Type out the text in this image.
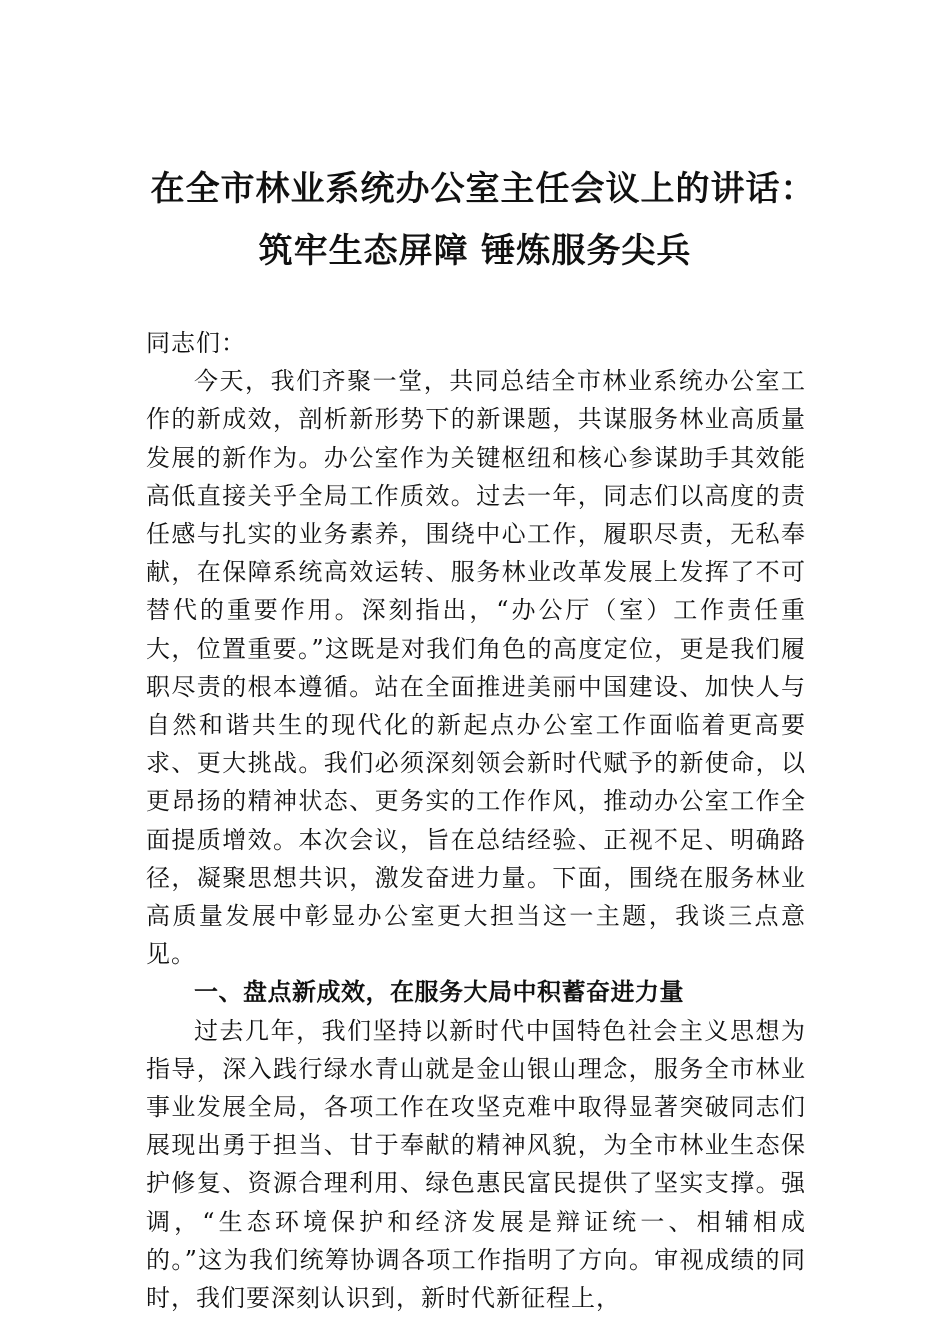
在全市林业系统办公室主任会议上的讲话：
筑牢生态屏障 锤炼服务尖兵

同志们：

今天，我们齐聚一堂，共同总结全市林业系统办公室工作的新成效，剖析新形势下的新课题，共谋服务林业高质量发展的新作为。办公室作为关键枢纽和核心参谋助手其效能高低直接关乎全局工作质效。过去一年，同志们以高度的责任感与扎实的业务素养，围绕中心工作，履职尽责，无私奉献，在保障系统高效运转、服务林业改革发展上发挥了不可替代的重要作用。深刻指出，“办公厅（室）工作责任重大，位置重要。”这既是对我们角色的高度定位，更是我们履职尽责的根本遵循。站在全面推进美丽中国建设、加快人与自然和谐共生的现代化的新起点办公室工作面临着更高要求、更大挑战。我们必须深刻领会新时代赋予的新使命，以更昂扬的精神状态、更务实的工作作风，推动办公室工作全面提质增效。本次会议，旨在总结经验、正视不足、明确路径，凝聚思想共识，激发奋进力量。下面，围绕在服务林业高质量发展中彰显办公室更大担当这一主题，我谈三点意见。

一、盘点新成效，在服务大局中积蓄奋进力量

过去几年，我们坚持以新时代中国特色社会主义思想为指导，深入践行绿水青山就是金山银山理念，服务全市林业事业发展全局，各项工作在攻坚克难中取得显著突破同志们展现出勇于担当、甘于奉献的精神风貌，为全市林业生态保护修复、资源合理利用、绿色惠民富民提供了坚实支撑。强调，“生态环境保护和经济发展是辩证统一、相辅相成的。”这为我们统筹协调各项工作指明了方向。审视成绩的同时，我们要深刻认识到，新时代新征程上，
